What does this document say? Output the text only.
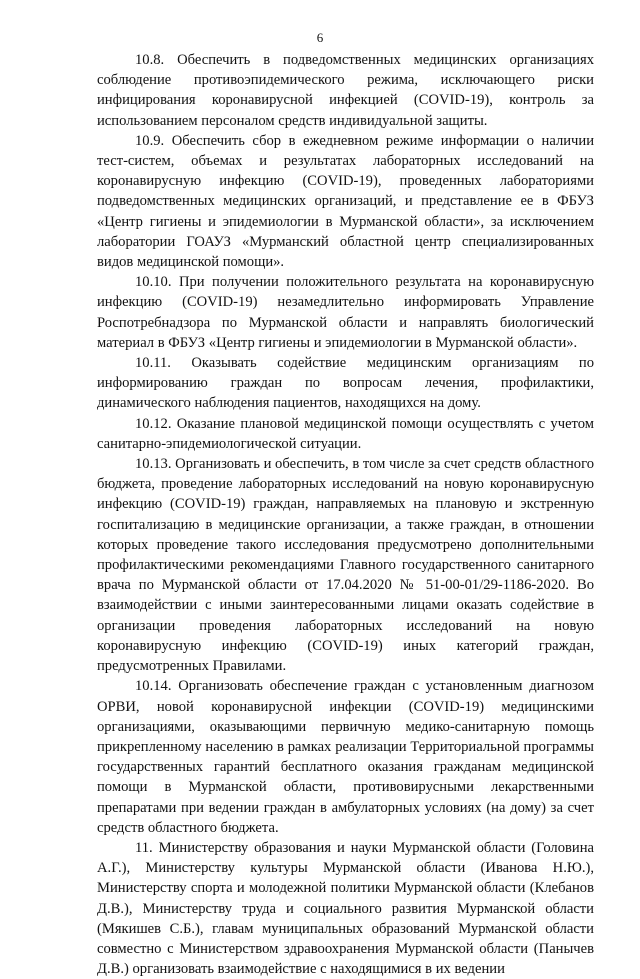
6

10.8. Обеспечить в подведомственных медицинских организациях соблюдение противоэпидемического режима, исключающего риски инфицирования коронавирусной инфекцией (COVID-19), контроль за использованием персоналом средств индивидуальной защиты.

10.9. Обеспечить сбор в ежедневном режиме информации о наличии тест-систем, объемах и результатах лабораторных исследований на коронавирусную инфекцию (COVID-19), проведенных лабораториями подведомственных медицинских организаций, и представление ее в ФБУЗ «Центр гигиены и эпидемиологии в Мурманской области», за исключением лаборатории ГОАУЗ «Мурманский областной центр специализированных видов медицинской помощи».

10.10. При получении положительного результата на коронавирусную инфекцию (COVID-19) незамедлительно информировать Управление Роспотребнадзора по Мурманской области и направлять биологический материал в ФБУЗ «Центр гигиены и эпидемиологии в Мурманской области».

10.11. Оказывать содействие медицинским организациям по информированию граждан по вопросам лечения, профилактики, динамического наблюдения пациентов, находящихся на дому.

10.12. Оказание плановой медицинской помощи осуществлять с учетом санитарно-эпидемиологической ситуации.

10.13. Организовать и обеспечить, в том числе за счет средств областного бюджета, проведение лабораторных исследований на новую коронавирусную инфекцию (COVID-19) граждан, направляемых на плановую и экстренную госпитализацию в медицинские организации, а также граждан, в отношении которых проведение такого исследования предусмотрено дополнительными профилактическими рекомендациями Главного государственного санитарного врача по Мурманской области от 17.04.2020 № 51-00-01/29-1186-2020. Во взаимодействии с иными заинтересованными лицами оказать содействие в организации проведения лабораторных исследований на новую коронавирусную инфекцию (COVID-19) иных категорий граждан, предусмотренных Правилами.

10.14. Организовать обеспечение граждан с установленным диагнозом ОРВИ, новой коронавирусной инфекции (COVID-19) медицинскими организациями, оказывающими первичную медико-санитарную помощь прикрепленному населению в рамках реализации Территориальной программы государственных гарантий бесплатного оказания гражданам медицинской помощи в Мурманской области, противовирусными лекарственными препаратами при ведении граждан в амбулаторных условиях (на дому) за счет средств областного бюджета.

11. Министерству образования и науки Мурманской области (Головина А.Г.), Министерству культуры Мурманской области (Иванова Н.Ю.), Министерству спорта и молодежной политики Мурманской области (Клебанов Д.В.), Министерству труда и социального развития Мурманской области (Мякишев С.Б.), главам муниципальных образований Мурманской области совместно с Министерством здравоохранения Мурманской области (Панычев Д.В.) организовать взаимодействие с находящимися в их ведении
